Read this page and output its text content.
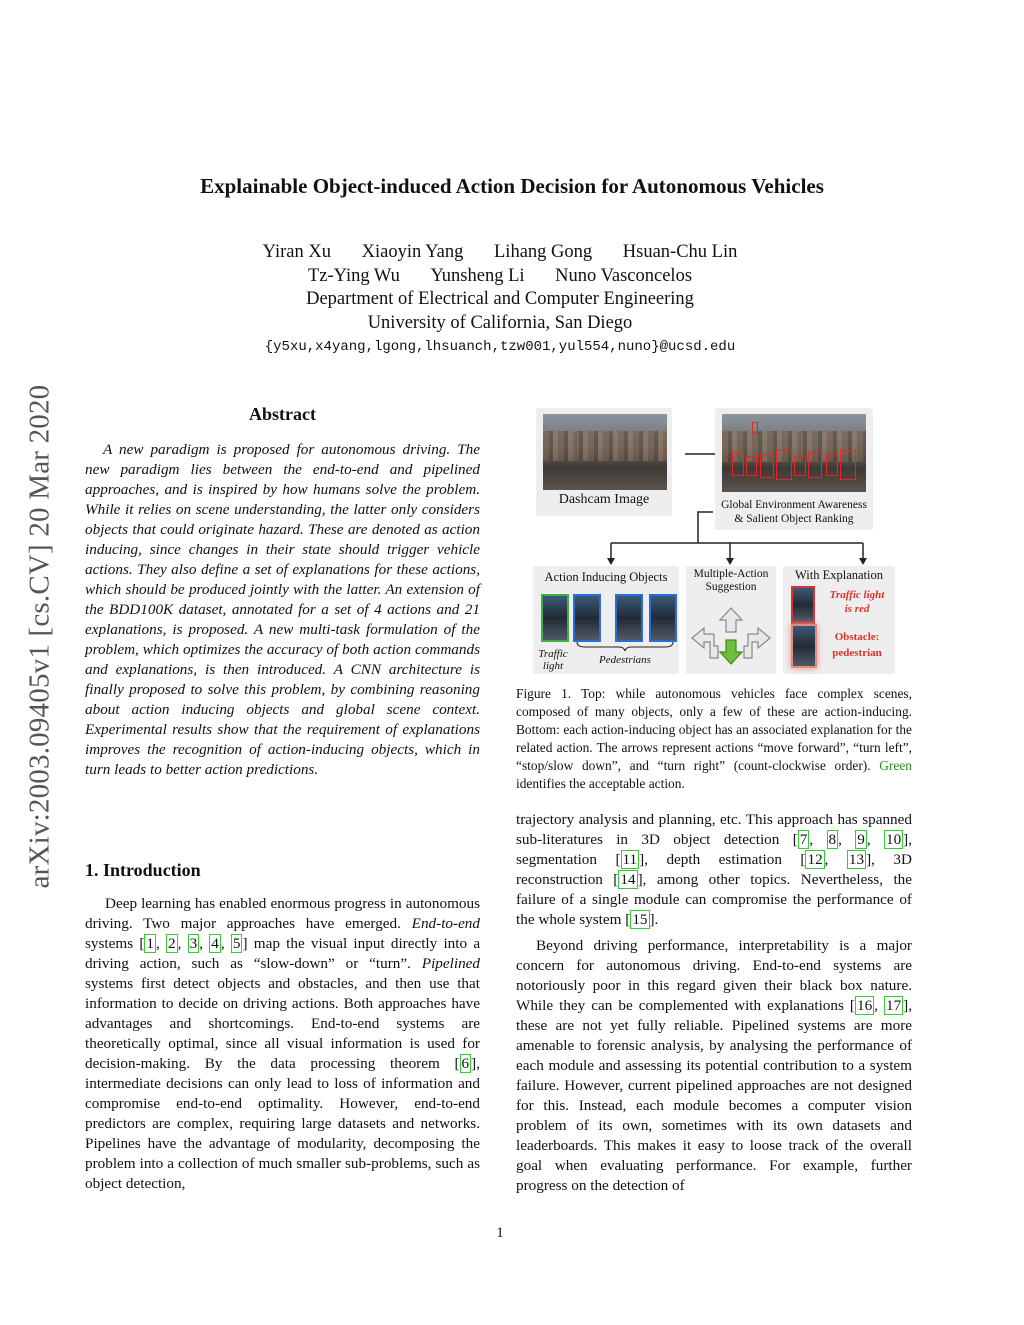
arXiv:2003.09405v1 [cs.CV] 20 Mar 2020
Explainable Object-induced Action Decision for Autonomous Vehicles
Yiran Xu Xiaoyin Yang Lihang Gong Hsuan-Chu Lin
Tz-Ying Wu Yunsheng Li Nuno Vasconcelos
Department of Electrical and Computer Engineering
University of California, San Diego
{y5xu,x4yang,lgong,lhsuanch,tzw001,yul554,nuno}@ucsd.edu
Abstract
A new paradigm is proposed for autonomous driving. The new paradigm lies between the end-to-end and pipelined approaches, and is inspired by how humans solve the problem. While it relies on scene understanding, the latter only considers objects that could originate hazard. These are denoted as action inducing, since changes in their state should trigger vehicle actions. They also define a set of explanations for these actions, which should be produced jointly with the latter. An extension of the BDD100K dataset, annotated for a set of 4 actions and 21 explanations, is proposed. A new multi-task formulation of the problem, which optimizes the accuracy of both action commands and explanations, is then introduced. A CNN architecture is finally proposed to solve this problem, by combining reasoning about action inducing objects and global scene context. Experimental results show that the requirement of explanations improves the recognition of action-inducing objects, which in turn leads to better action predictions.
1. Introduction

Deep learning has enabled enormous progress in autonomous driving. Two major approaches have emerged. End-to-end systems [ 1 , 2 , 3 , 4 , 5 ] map the visual input directly into a driving action, such as “slow-down” or “turn”. Pipelined systems first detect objects and obstacles, and then use that information to decide on driving actions. Both approaches have advantages and shortcomings. End-to-end systems are theoretically optimal, since all visual information is used for decision-making. By the data processing theorem [ 6 ], intermediate decisions can only lead to loss of information and compromise end-to-end optimality. However, end-to-end predictors are complex, requiring large datasets and networks. Pipelines have the advantage of modularity, decomposing the problem into a collection of much smaller sub-problems, such as object detection,

Dashcam Image	Global Environment Awareness
& Salient Object Ranking
Action Inducing Objects
Traffic
light	Pedestrians
Multiple-Action
Suggestion
With Explanation
Traffic light
is red
Obstacle:
pedestrian
Figure 1. Top: while autonomous vehicles face complex scenes, composed of many objects, only a few of these are action-inducing. Bottom: each action-inducing object has an associated explanation for the related action. The arrows represent actions “move forward”, “turn left”, “stop/slow down”, and “turn right” (count-clockwise order). Green identifies the acceptable action.

trajectory analysis and planning, etc. This approach has spanned sub-literatures in 3D object detection [ 7 , 8 , 9 , 10 ], segmentation [ 11 ], depth estimation [ 12 , 13 ], 3D reconstruction [ 14 ], among other topics. Nevertheless, the failure of a single module can compromise the performance of the whole system [ 15 ].

Beyond driving performance, interpretability is a major concern for autonomous driving. End-to-end systems are notoriously poor in this regard given their black box nature. While they can be complemented with explanations [ 16 , 17 ], these are not yet fully reliable. Pipelined systems are more amenable to forensic analysis, by analysing the performance of each module and assessing its potential contribution to a system failure. However, current pipelined approaches are not designed for this. Instead, each module becomes a computer vision problem of its own, sometimes with its own datasets and leaderboards. This makes it easy to loose track of the overall goal when evaluating performance. For example, further progress on the detection of

1
